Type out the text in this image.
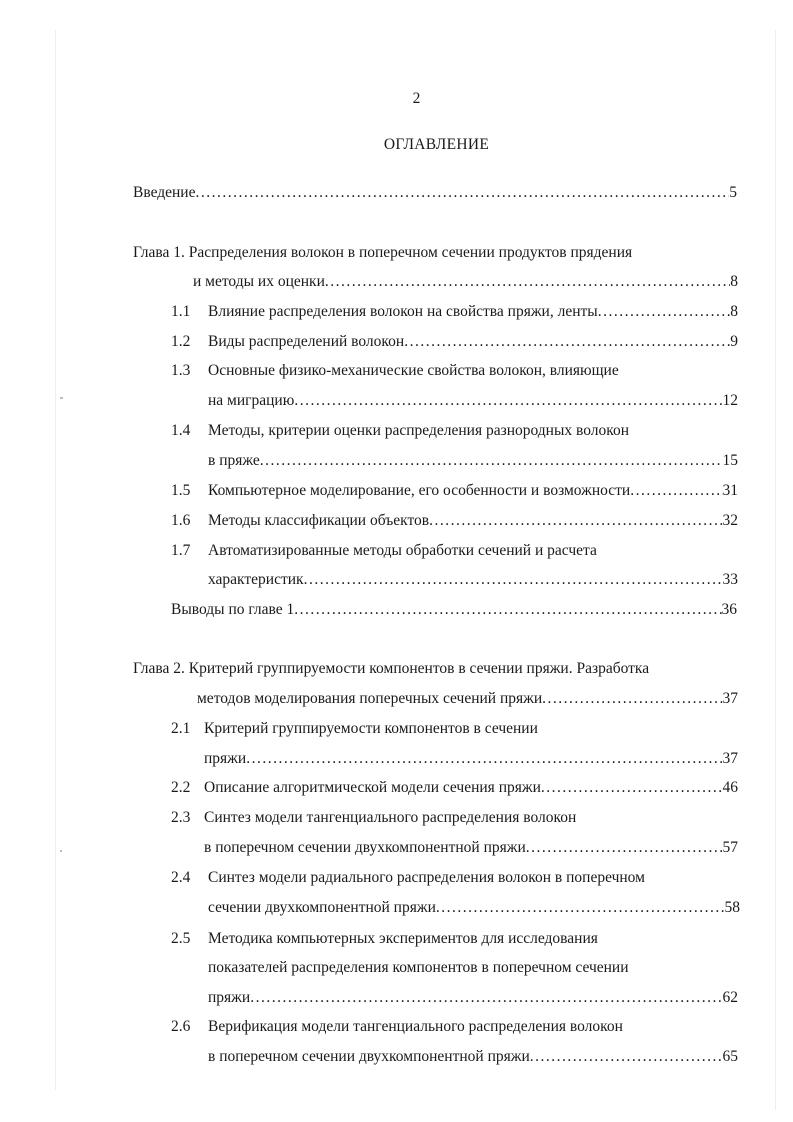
2
ОГЛАВЛЕНИЕ
Введение .....	5
Глава 1. Распределения волокон в поперечном сечении продуктов прядения
и методы их оценки .....	8
1.1 Влияние распределения волокон на свойства пряжи, ленты .....	8
1.2 Виды распределений волокон .....	9
1.3 Основные физико-механические свойства волокон, влияющие
на миграцию .....	12
1.4 Методы, критерии оценки распределения разнородных волокон
в пряже .....	15
1.5 Компьютерное моделирование, его особенности и возможности .....	31
1.6 Методы классификации объектов .....	32
1.7 Автоматизированные методы обработки сечений и расчета
характеристик .....	33
Выводы по главе 1 .....	36
Глава 2. Критерий группируемости компонентов в сечении пряжи. Разработка
методов моделирования поперечных сечений пряжи .....	37
2.1 Критерий группируемости компонентов в сечении
пряжи .....	37
2.2 Описание алгоритмической модели сечения пряжи .....	46
2.3 Синтез модели тангенциального распределения волокон
в поперечном сечении двухкомпонентной пряжи .....	57
2.4 Синтез модели радиального распределения волокон в поперечном
сечении двухкомпонентной пряжи .....	58
2.5 Методика компьютерных экспериментов для исследования
показателей распределения компонентов в поперечном сечении
пряжи .....	62
2.6 Верификация модели тангенциального распределения волокон
в поперечном сечении двухкомпонентной пряжи .....	65
